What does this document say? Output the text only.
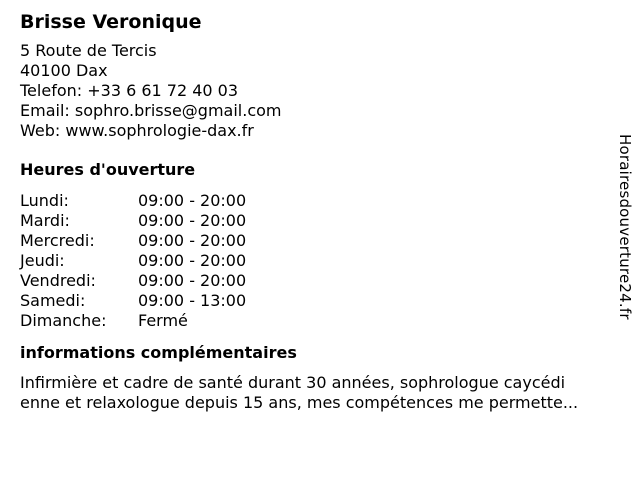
Brisse Veronique
5 Route de Tercis
40100 Dax
Telefon: +33 6 61 72 40 03
Email: sophro.brisse@gmail.com
Web: www.sophrologie-dax.fr
Heures d'ouverture
Lundi:	09:00 - 20:00
Mardi:	09:00 - 20:00
Mercredi:	09:00 - 20:00
Jeudi:	09:00 - 20:00
Vendredi:	09:00 - 20:00
Samedi:	09:00 - 13:00
Dimanche:	Fermé
informations complémentaires
Infirmière et cadre de santé durant 30 années, sophrologue caycédi
enne et relaxologue depuis 15 ans, mes compétences me permette...
Horairesdouverture24.fr
